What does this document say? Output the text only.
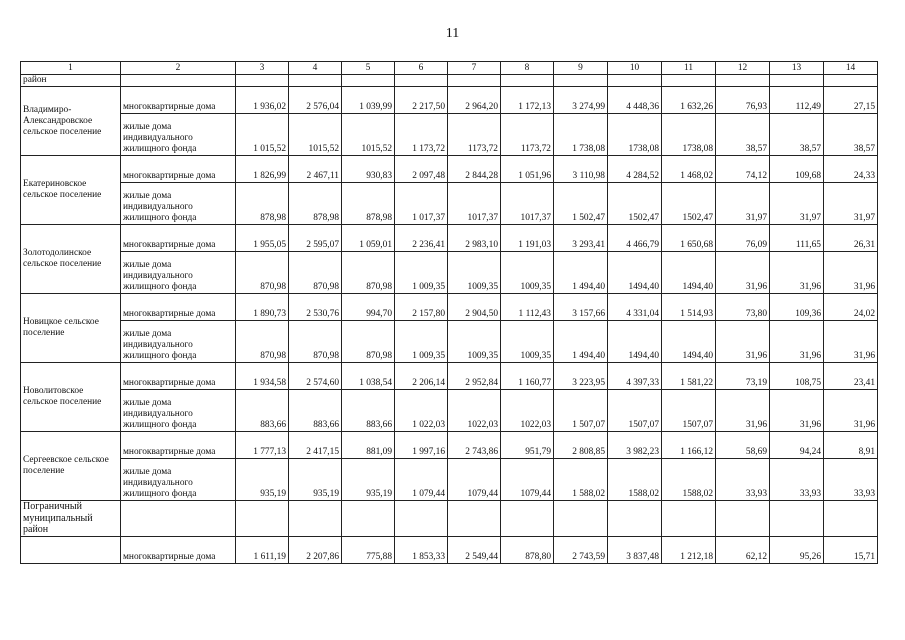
11
1	2	3	4	5	6	7	8	9	10	11	12	13	14
район													
Владимиро-Александровское сельское поселение	многоквартирные дома	1 936,02	2 576,04	1 039,99	2 217,50	2 964,20	1 172,13	3 274,99	4 448,36	1 632,26	76,93	112,49	27,15
	жилые дома индивидуального жилищного фонда	1 015,52	1015,52	1015,52	1 173,72	1173,72	1173,72	1 738,08	1738,08	1738,08	38,57	38,57	38,57
Екатериновское сельское поселение	многоквартирные дома	1 826,99	2 467,11	930,83	2 097,48	2 844,28	1 051,96	3 110,98	4 284,52	1 468,02	74,12	109,68	24,33
	жилые дома индивидуального жилищного фонда	878,98	878,98	878,98	1 017,37	1017,37	1017,37	1 502,47	1502,47	1502,47	31,97	31,97	31,97
Золотодолинское сельское поселение	многоквартирные дома	1 955,05	2 595,07	1 059,01	2 236,41	2 983,10	1 191,03	3 293,41	4 466,79	1 650,68	76,09	111,65	26,31
	жилые дома индивидуального жилищного фонда	870,98	870,98	870,98	1 009,35	1009,35	1009,35	1 494,40	1494,40	1494,40	31,96	31,96	31,96
Новицкое сельское поселение	многоквартирные дома	1 890,73	2 530,76	994,70	2 157,80	2 904,50	1 112,43	3 157,66	4 331,04	1 514,93	73,80	109,36	24,02
	жилые дома индивидуального жилищного фонда	870,98	870,98	870,98	1 009,35	1009,35	1009,35	1 494,40	1494,40	1494,40	31,96	31,96	31,96
Новолитовское сельское поселение	многоквартирные дома	1 934,58	2 574,60	1 038,54	2 206,14	2 952,84	1 160,77	3 223,95	4 397,33	1 581,22	73,19	108,75	23,41
	жилые дома индивидуального жилищного фонда	883,66	883,66	883,66	1 022,03	1022,03	1022,03	1 507,07	1507,07	1507,07	31,96	31,96	31,96
Сергеевское сельское поселение	многоквартирные дома	1 777,13	2 417,15	881,09	1 997,16	2 743,86	951,79	2 808,85	3 982,23	1 166,12	58,69	94,24	8,91
	жилые дома индивидуального жилищного фонда	935,19	935,19	935,19	1 079,44	1079,44	1079,44	1 588,02	1588,02	1588,02	33,93	33,93	33,93
Пограничный муниципальный район													
	многоквартирные дома	1 611,19	2 207,86	775,88	1 853,33	2 549,44	878,80	2 743,59	3 837,48	1 212,18	62,12	95,26	15,71
